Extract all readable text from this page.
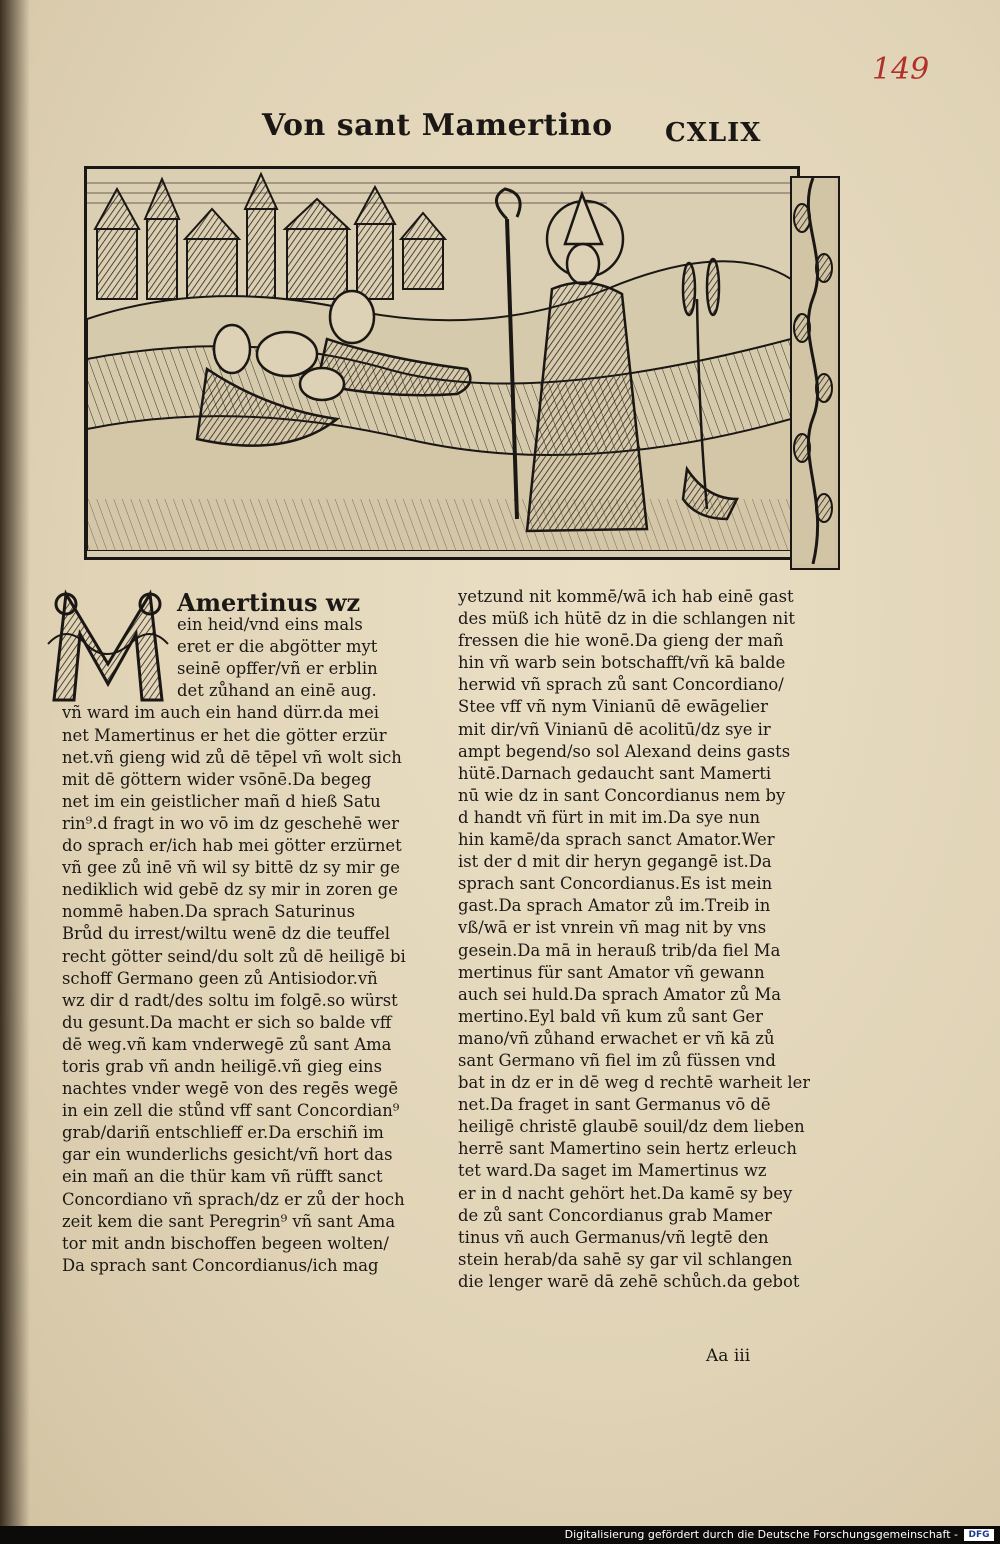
149
Von sant Mamertino CXLIX
M
Amertinus wz
ein heid/vnd eins mals
eret er die abgötter myt
seinē opffer/vñ er erblin
det zůhand an einē aug.
vñ ward im auch ein hand dürr.da mei
net Mamertinus er het die götter erzür
net.vñ gieng wid zů dē tēpel vñ wolt sich
mit dē göttern wider vsōnē.Da begeg
net im ein geistlicher mañ d hieß Satu
rin⁹.d fragt in wo vō im dz geschehē wer
do sprach er/ich hab mei götter erzürnet
vñ gee zů inē vñ wil sy bittē dz sy mir ge
nediklich wid gebē dz sy mir in zoren ge
nommē haben.Da sprach Saturinus
Brůd du irrest/wiltu wenē dz die teuffel
recht götter seind/du solt zů dē heiligē bi
schoff Germano geen zů Antisiodor.vñ
wz dir d radt/des soltu im folgē.so würst
du gesunt.Da macht er sich so balde vff
dē weg.vñ kam vnderwegē zů sant Ama
toris grab vñ andn heiligē.vñ gieg eins
nachtes vnder wegē von des regēs wegē
in ein zell die stůnd vff sant Concordian⁹
grab/dariñ entschlieff er.Da erschiñ im
gar ein wunderlichs gesicht/vñ hort das
ein mañ an die thür kam vñ rüfft sanct
Concordiano vñ sprach/dz er zů der hoch
zeit kem die sant Peregrin⁹ vñ sant Ama
tor mit andn bischoffen begeen wolten/
Da sprach sant Concordianus/ich mag
yetzund nit kommē/wā ich hab einē gast
des müß ich hütē dz in die schlangen nit
fressen die hie wonē.Da gieng der mañ
hin vñ warb sein botschafft/vñ kā balde
herwid vñ sprach zů sant Concordiano/
Stee vff vñ nym Vinianū dē ewāgelier
mit dir/vñ Vinianū dē acolitū/dz sye ir
ampt begend/so sol Alexand deins gasts
hütē.Darnach gedaucht sant Mamerti
nū wie dz in sant Concordianus nem by
d handt vñ fürt in mit im.Da sye nun
hin kamē/da sprach sanct Amator.Wer
ist der d mit dir heryn gegangē ist.Da
sprach sant Concordianus.Es ist mein
gast.Da sprach Amator zů im.Treib in
vß/wā er ist vnrein vñ mag nit by vns
gesein.Da mā in herauß trib/da fiel Ma
mertinus für sant Amator vñ gewann
auch sei huld.Da sprach Amator zů Ma
mertino.Eyl bald vñ kum zů sant Ger
mano/vñ zůhand erwachet er vñ kā zů
sant Germano vñ fiel im zů füssen vnd
bat in dz er in dē weg d rechtē warheit ler
net.Da fraget in sant Germanus vō dē
heiligē christē glaubē souil/dz dem lieben
herrē sant Mamertino sein hertz erleuch
tet ward.Da saget im Mamertinus wz
er in d nacht gehört het.Da kamē sy bey
de zů sant Concordianus grab Mamer
tinus vñ auch Germanus/vñ legtē den
stein herab/da sahē sy gar vil schlangen
die lenger warē dā zehē schůch.da gebot
Aa iii
Digitalisierung gefördert durch die Deutsche Forschungsgemeinschaft -	DFG
